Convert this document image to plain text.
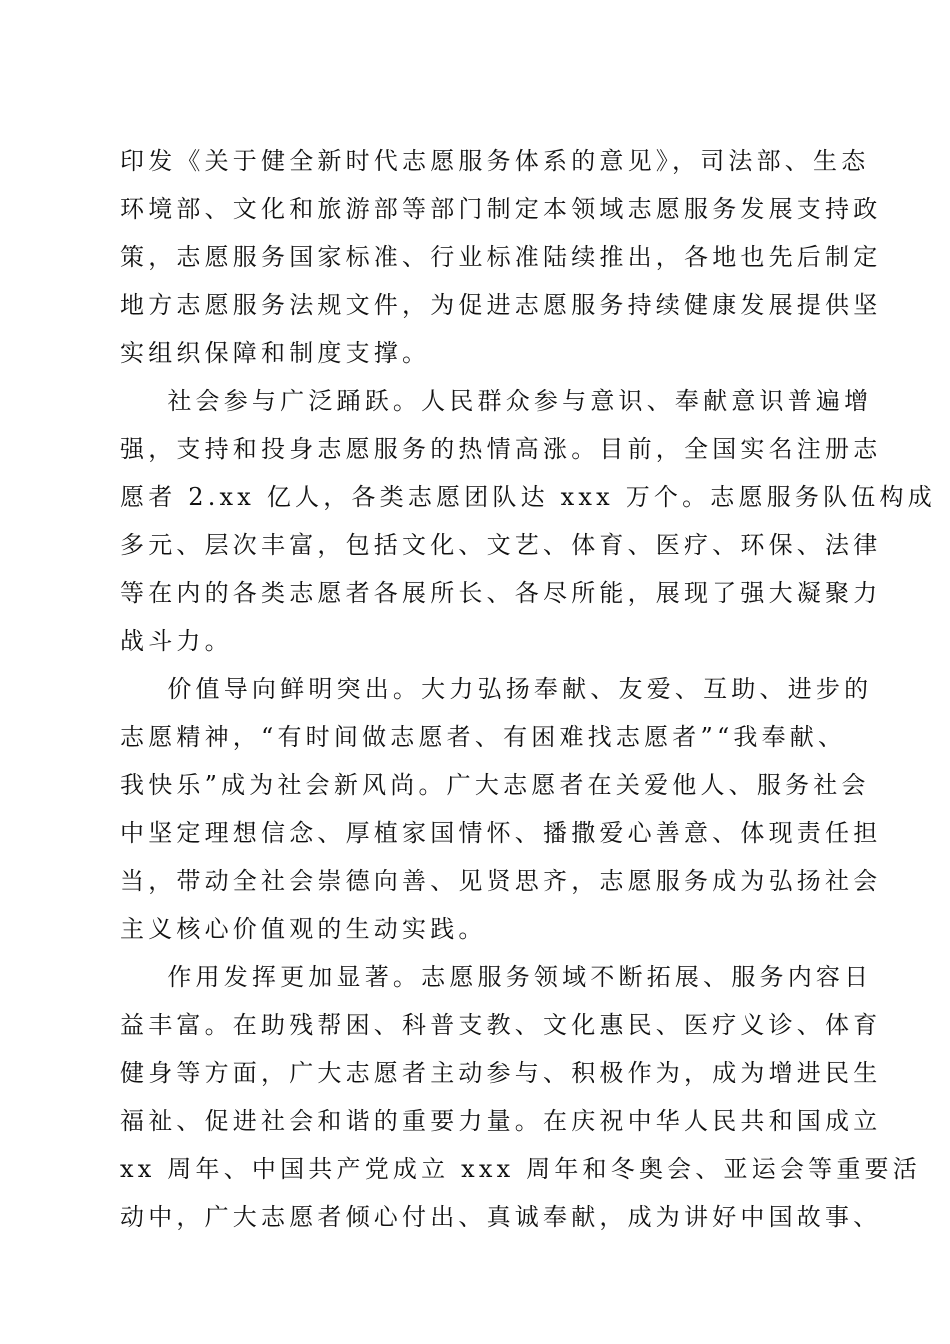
印发《关于健全新时代志愿服务体系的意见》，司法部、生态
环境部、文化和旅游部等部门制定本领域志愿服务发展支持政
策，志愿服务国家标准、行业标准陆续推出，各地也先后制定
地方志愿服务法规文件，为促进志愿服务持续健康发展提供坚
实组织保障和制度支撑。
社会参与广泛踊跃。人民群众参与意识、奉献意识普遍增
强，支持和投身志愿服务的热情高涨。目前，全国实名注册志
愿者 2.xx 亿人，各类志愿团队达 xxx 万个。志愿服务队伍构成
多元、层次丰富，包括文化、文艺、体育、医疗、环保、法律
等在内的各类志愿者各展所长、各尽所能，展现了强大凝聚力
战斗力。
价值导向鲜明突出。大力弘扬奉献、友爱、互助、进步的
志愿精神，“有时间做志愿者、有困难找志愿者”“我奉献、
我快乐”成为社会新风尚。广大志愿者在关爱他人、服务社会
中坚定理想信念、厚植家国情怀、播撒爱心善意、体现责任担
当，带动全社会崇德向善、见贤思齐，志愿服务成为弘扬社会
主义核心价值观的生动实践。
作用发挥更加显著。志愿服务领域不断拓展、服务内容日
益丰富。在助残帮困、科普支教、文化惠民、医疗义诊、体育
健身等方面，广大志愿者主动参与、积极作为，成为增进民生
福祉、促进社会和谐的重要力量。在庆祝中华人民共和国成立
xx 周年、中国共产党成立 xxx 周年和冬奥会、亚运会等重要活
动中，广大志愿者倾心付出、真诚奉献，成为讲好中国故事、
